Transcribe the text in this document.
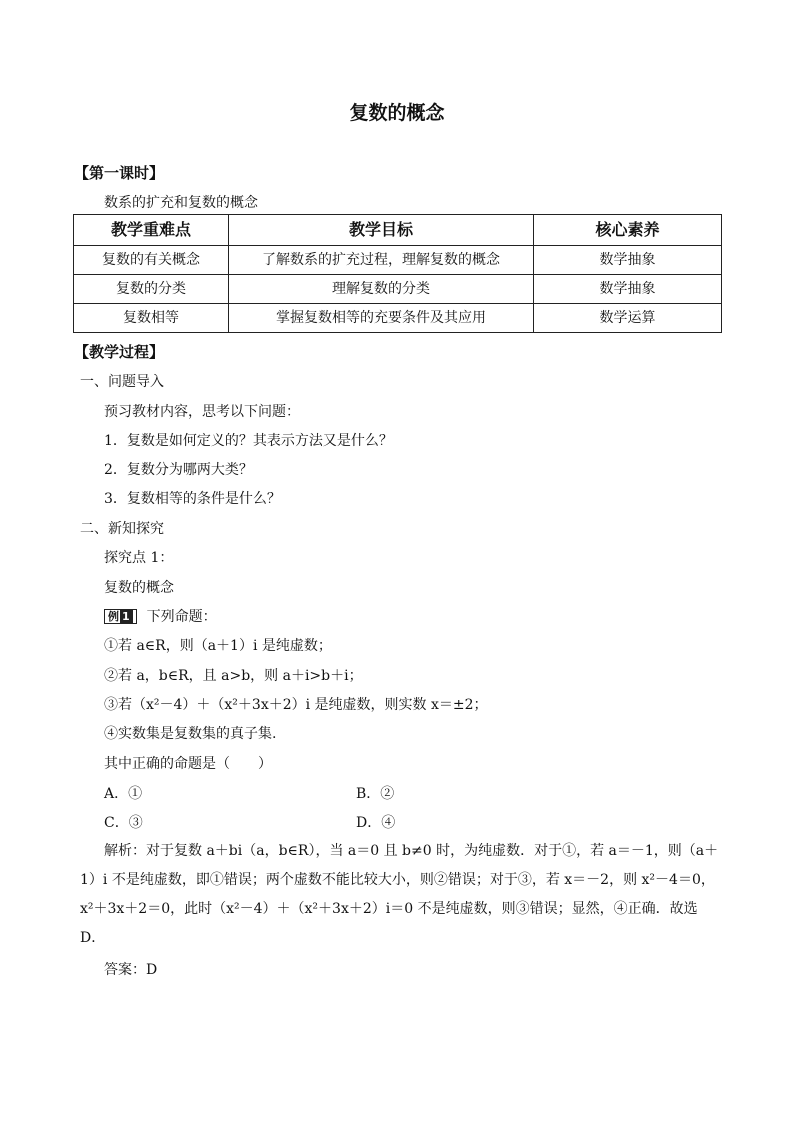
复数的概念
【第一课时】
数系的扩充和复数的概念
教学重难点	教学目标	核心素养
复数的有关概念	了解数系的扩充过程，理解复数的概念	数学抽象
复数的分类	理解复数的分类	数学抽象
复数相等	掌握复数相等的充要条件及其应用	数学运算
【教学过程】
一、问题导入
预习教材内容，思考以下问题：
1．复数是如何定义的？其表示方法又是什么？
2．复数分为哪两大类？
3．复数相等的条件是什么？
二、新知探究
探究点 1：
复数的概念
例 1 下列命题：
①若 a∈R，则（a＋1）i 是纯虚数；
②若 a，b∈R，且 a>b，则 a＋i>b＋i；
③若（x²－4）＋（x²＋3x＋2）i 是纯虚数，则实数 x＝±2；
④实数集是复数集的真子集.
其中正确的命题是（　　）
A．①	B．②
C．③	D．④
解析：对于复数 a＋bi（a，b∈R），当 a＝0 且 b≠0 时，为纯虚数．对于①，若 a＝－1，则（a＋1）i 不是纯虚数，即①错误；两个虚数不能比较大小，则②错误；对于③，若 x＝－2，则 x²－4＝0，x²＋3x＋2＝0，此时（x²－4）＋（x²＋3x＋2）i＝0 不是纯虚数，则③错误；显然，④正确．故选 D．
答案：D
